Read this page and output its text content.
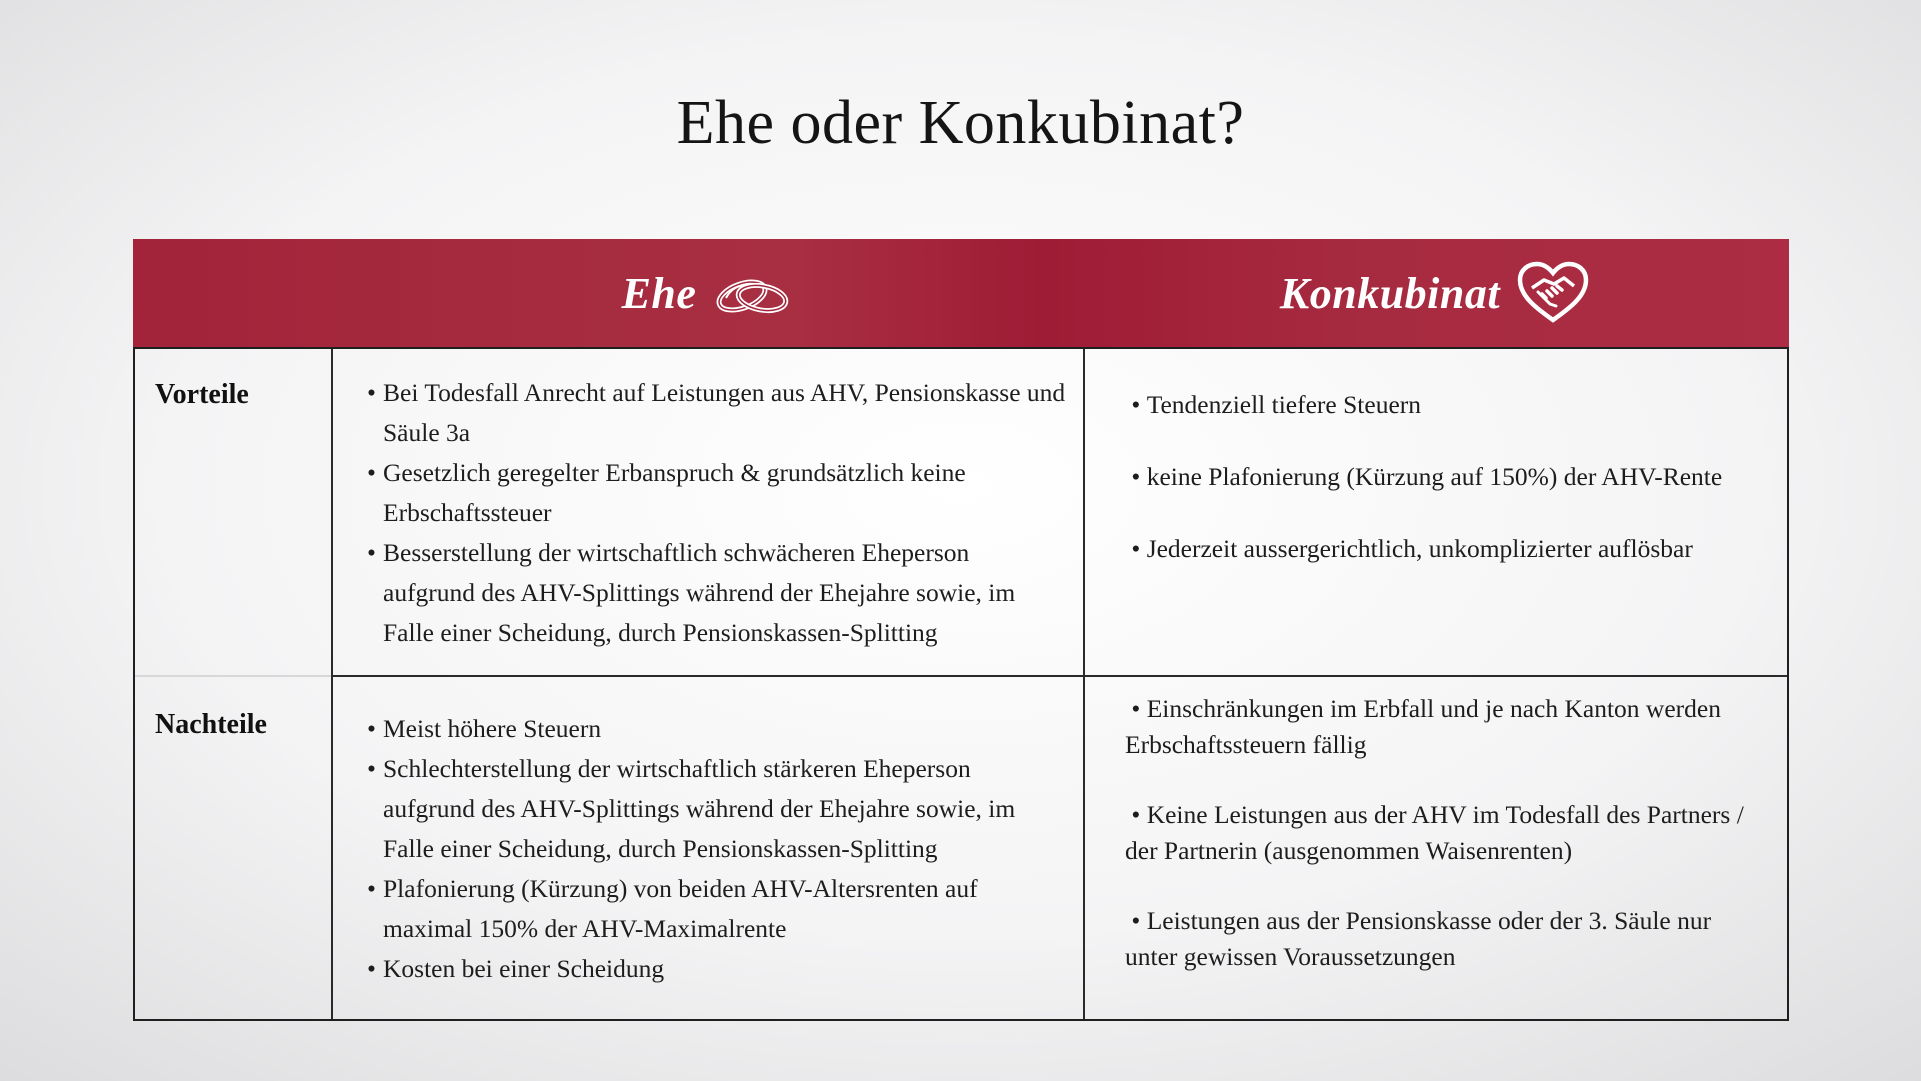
Ehe oder Konkubinat?
Ehe	Konkubinat
Vorteile
Nachteile
• Bei Todesfall Anrecht auf Leistungen aus AHV, Pensionskasse und Säule 3a
• Gesetzlich geregelter Erbanspruch & grundsätzlich keine Erbschaftssteuer
• Besserstellung der wirtschaftlich schwächeren Eheperson aufgrund des AHV-Splittings während der Ehejahre sowie, im Falle einer Scheidung, durch Pensionskassen-Splitting
• Meist höhere Steuern
• Schlechterstellung der wirtschaftlich stärkeren Eheperson aufgrund des AHV-Splittings während der Ehejahre sowie, im Falle einer Scheidung, durch Pensionskassen-Splitting
• Plafonierung (Kürzung) von beiden AHV-Altersrenten auf maximal 150% der AHV-Maximalrente
• Kosten bei einer Scheidung

• Tendenziell tiefere Steuern

• keine Plafonierung (Kürzung auf 150%) der AHV-Rente

• Jederzeit aussergerichtlich, unkomplizierter auflösbar

• Einschränkungen im Erbfall und je nach Kanton werden Erbschaftssteuern fällig

• Keine Leistungen aus der AHV im Todesfall des Partners / der Partnerin (ausgenommen Waisenrenten)

• Leistungen aus der Pensionskasse oder der 3. Säule nur unter gewissen Voraussetzungen
